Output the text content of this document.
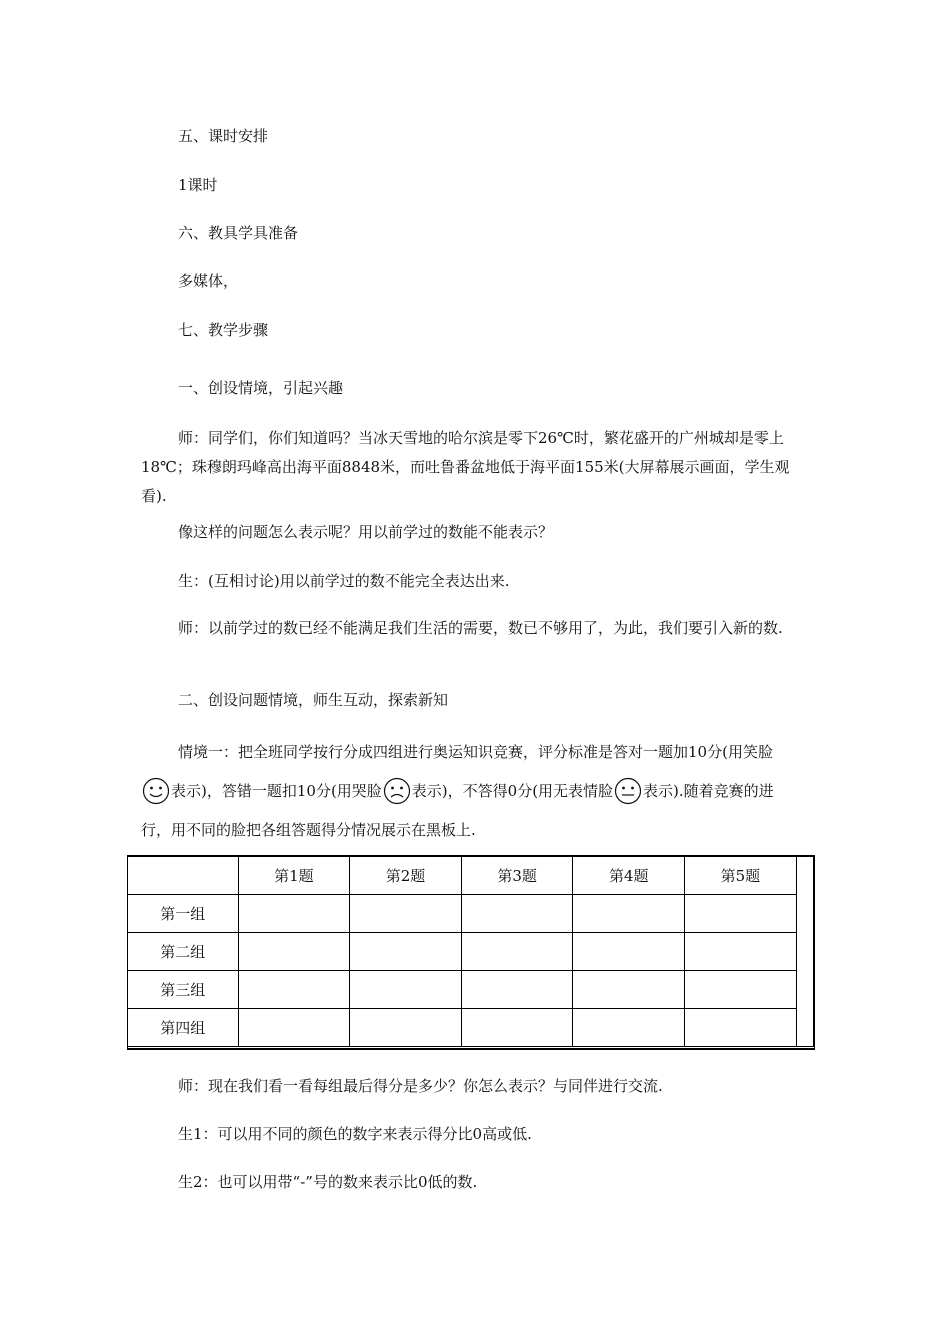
五、课时安排
1课时
六、教具学具准备
多媒体，
七、教学步骤
一、创设情境，引起兴趣
师：同学们，你们知道吗？当冰天雪地的哈尔滨是零下26℃时，繁花盛开的广州城却是零上18℃；珠穆朗玛峰高出海平面8848米，而吐鲁番盆地低于海平面155米(大屏幕展示画面，学生观看).
像这样的问题怎么表示呢？用以前学过的数能不能表示？
生：(互相讨论)用以前学过的数不能完全表达出来.
师：以前学过的数已经不能满足我们生活的需要，数已不够用了，为此，我们要引入新的数.
二、创设问题情境，师生互动，探索新知
情境一：把全班同学按行分成四组进行奥运知识竞赛，评分标准是答对一题加10分(用笑脸
表示)，答错一题扣10分(用哭脸 表示)，不答得0分(用无表情脸 表示).随着竞赛的进行，用不同的脸把各组答题得分情况展示在黑板上.
	第1题	第2题	第3题	第4题	第5题	
第一组						
第二组						
第三组						
第四组						
师：现在我们看一看每组最后得分是多少？你怎么表示？与同伴进行交流.
生1：可以用不同的颜色的数字来表示得分比0高或低.
生2：也可以用带“-”号的数来表示比0低的数.
